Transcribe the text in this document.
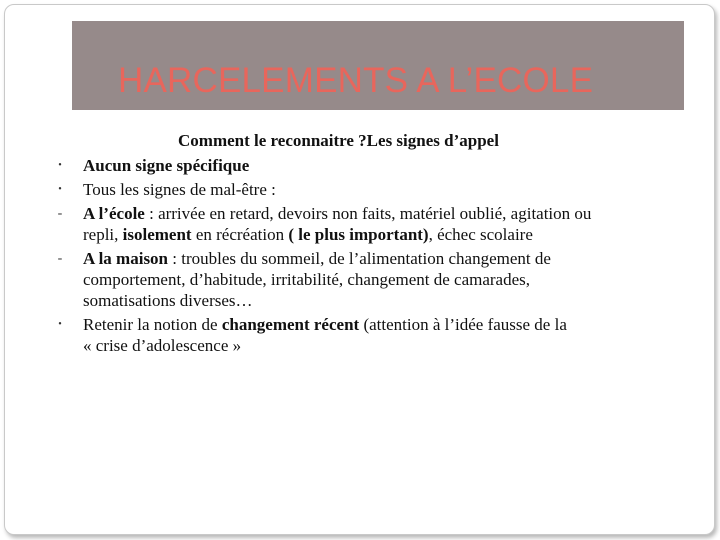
HARCELEMENTS A L’ECOLE
Comment le reconnaitre ?Les signes d’appel
•	Aucun signe spécifique
•	Tous les signes de mal-être :
-	A l’école : arrivée en retard, devoirs non faits, matériel oublié, agitation ou
repli, isolement en récréation ( le plus important), échec scolaire
-	A la maison : troubles du sommeil, de l’alimentation changement de
comportement, d’habitude, irritabilité, changement de camarades,
somatisations diverses…
•	Retenir la notion de changement récent (attention à l’idée fausse de la
« crise d’adolescence »
